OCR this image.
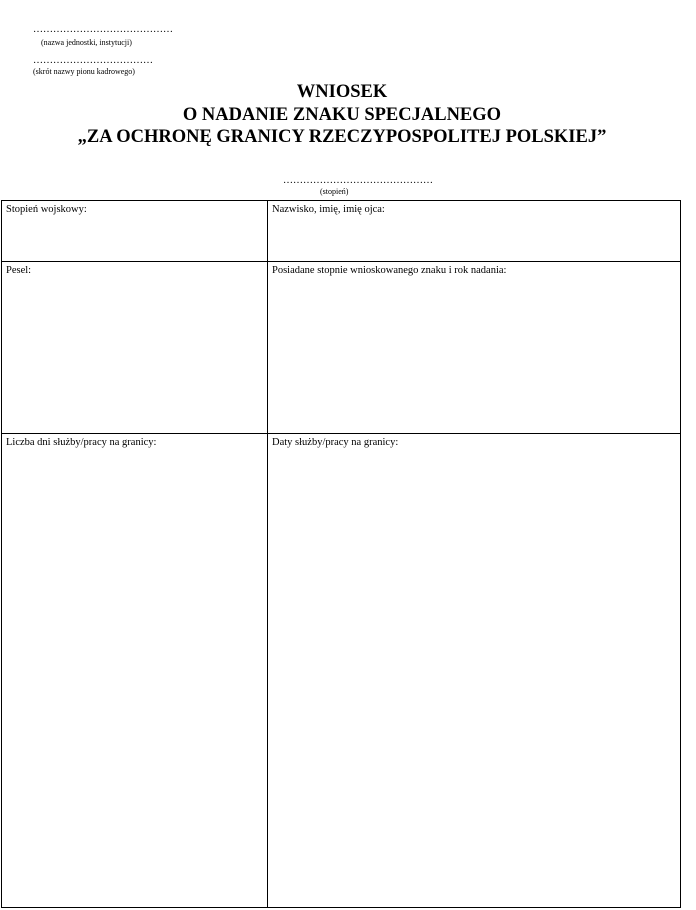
……………………………………
(nazwa jednostki, instytucji)
………………………………
(skrót nazwy pionu kadrowego)
WNIOSEK
O NADANIE ZNAKU SPECJALNEGO
„ZA OCHRONĘ GRANICY RZECZYPOSPOLITEJ POLSKIEJ”
………………………………………
(stopień)
Stopień wojskowy:	Nazwisko, imię, imię ojca:
Pesel:	Posiadane stopnie wnioskowanego znaku i rok nadania:
Liczba dni służby/pracy na granicy:	Daty służby/pracy na granicy:
